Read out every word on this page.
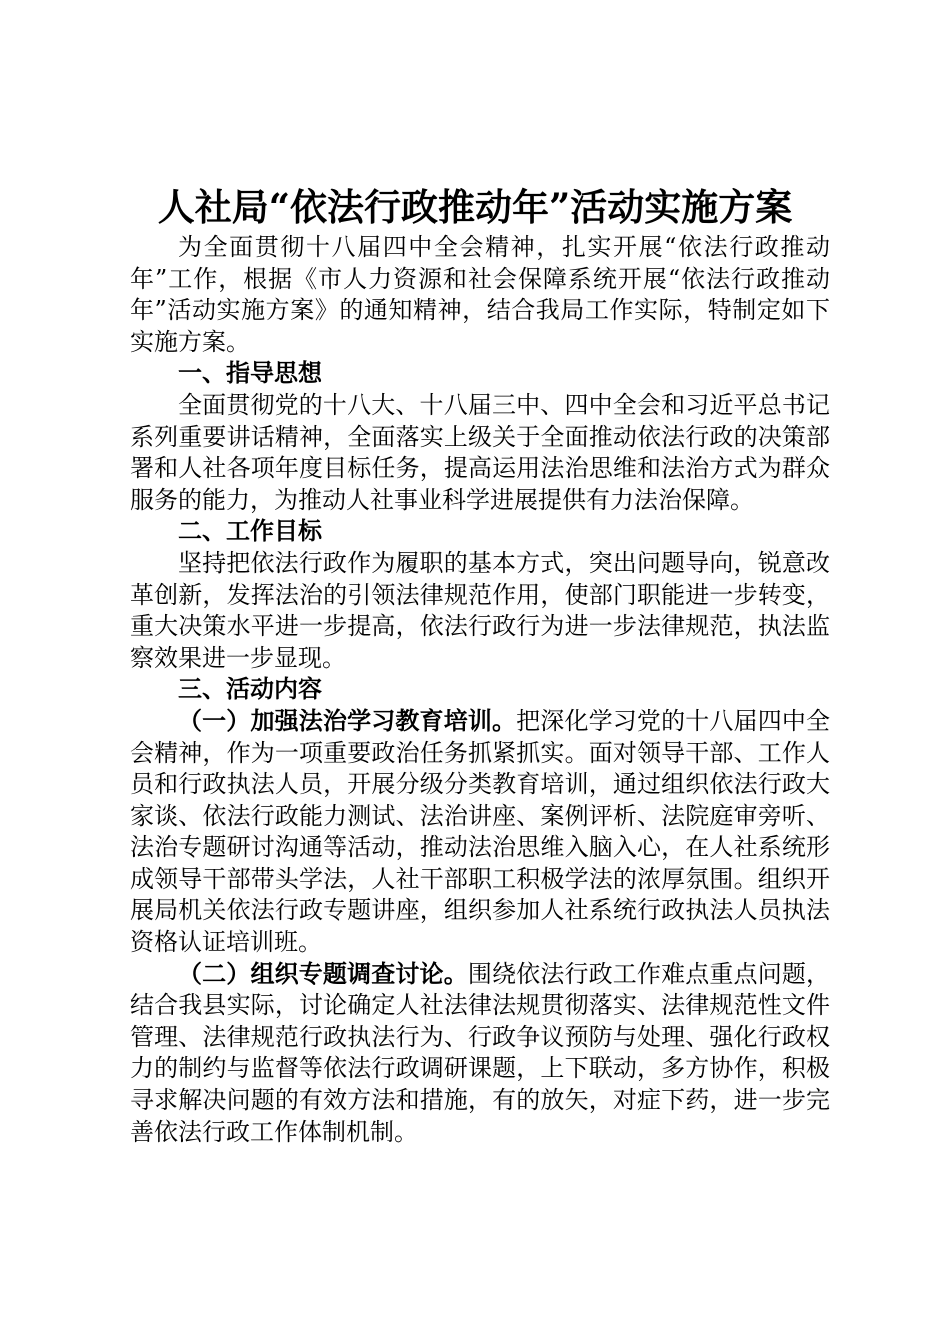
人社局“依法行政推动年”活动实施方案

为全面贯彻十八届四中全会精神，扎实开展“依法行政推动年”工作，根据《市人力资源和社会保障系统开展“依法行政推动年”活动实施方案》的通知精神，结合我局工作实际，特制定如下实施方案。

一、指导思想

全面贯彻党的十八大、十八届三中、四中全会和习近平总书记系列重要讲话精神，全面落实上级关于全面推动依法行政的决策部署和人社各项年度目标任务，提高运用法治思维和法治方式为群众服务的能力，为推动人社事业科学进展提供有力法治保障。

二、工作目标

坚持把依法行政作为履职的基本方式，突出问题导向，锐意改革创新，发挥法治的引领法律规范作用，使部门职能进一步转变，重大决策水平进一步提高，依法行政行为进一步法律规范，执法监察效果进一步显现。

三、活动内容

（一）加强法治学习教育培训。把深化学习党的十八届四中全会精神，作为一项重要政治任务抓紧抓实。面对领导干部、工作人员和行政执法人员，开展分级分类教育培训，通过组织依法行政大家谈、依法行政能力测试、法治讲座、案例评析、法院庭审旁听、法治专题研讨沟通等活动，推动法治思维入脑入心，在人社系统形成领导干部带头学法，人社干部职工积极学法的浓厚氛围。组织开展局机关依法行政专题讲座，组织参加人社系统行政执法人员执法资格认证培训班。

（二）组织专题调查讨论。围绕依法行政工作难点重点问题，结合我县实际，讨论确定人社法律法规贯彻落实、法律规范性文件管理、法律规范行政执法行为、行政争议预防与处理、强化行政权力的制约与监督等依法行政调研课题，上下联动，多方协作，积极寻求解决问题的有效方法和措施，有的放矢，对症下药，进一步完善依法行政工作体制机制。
